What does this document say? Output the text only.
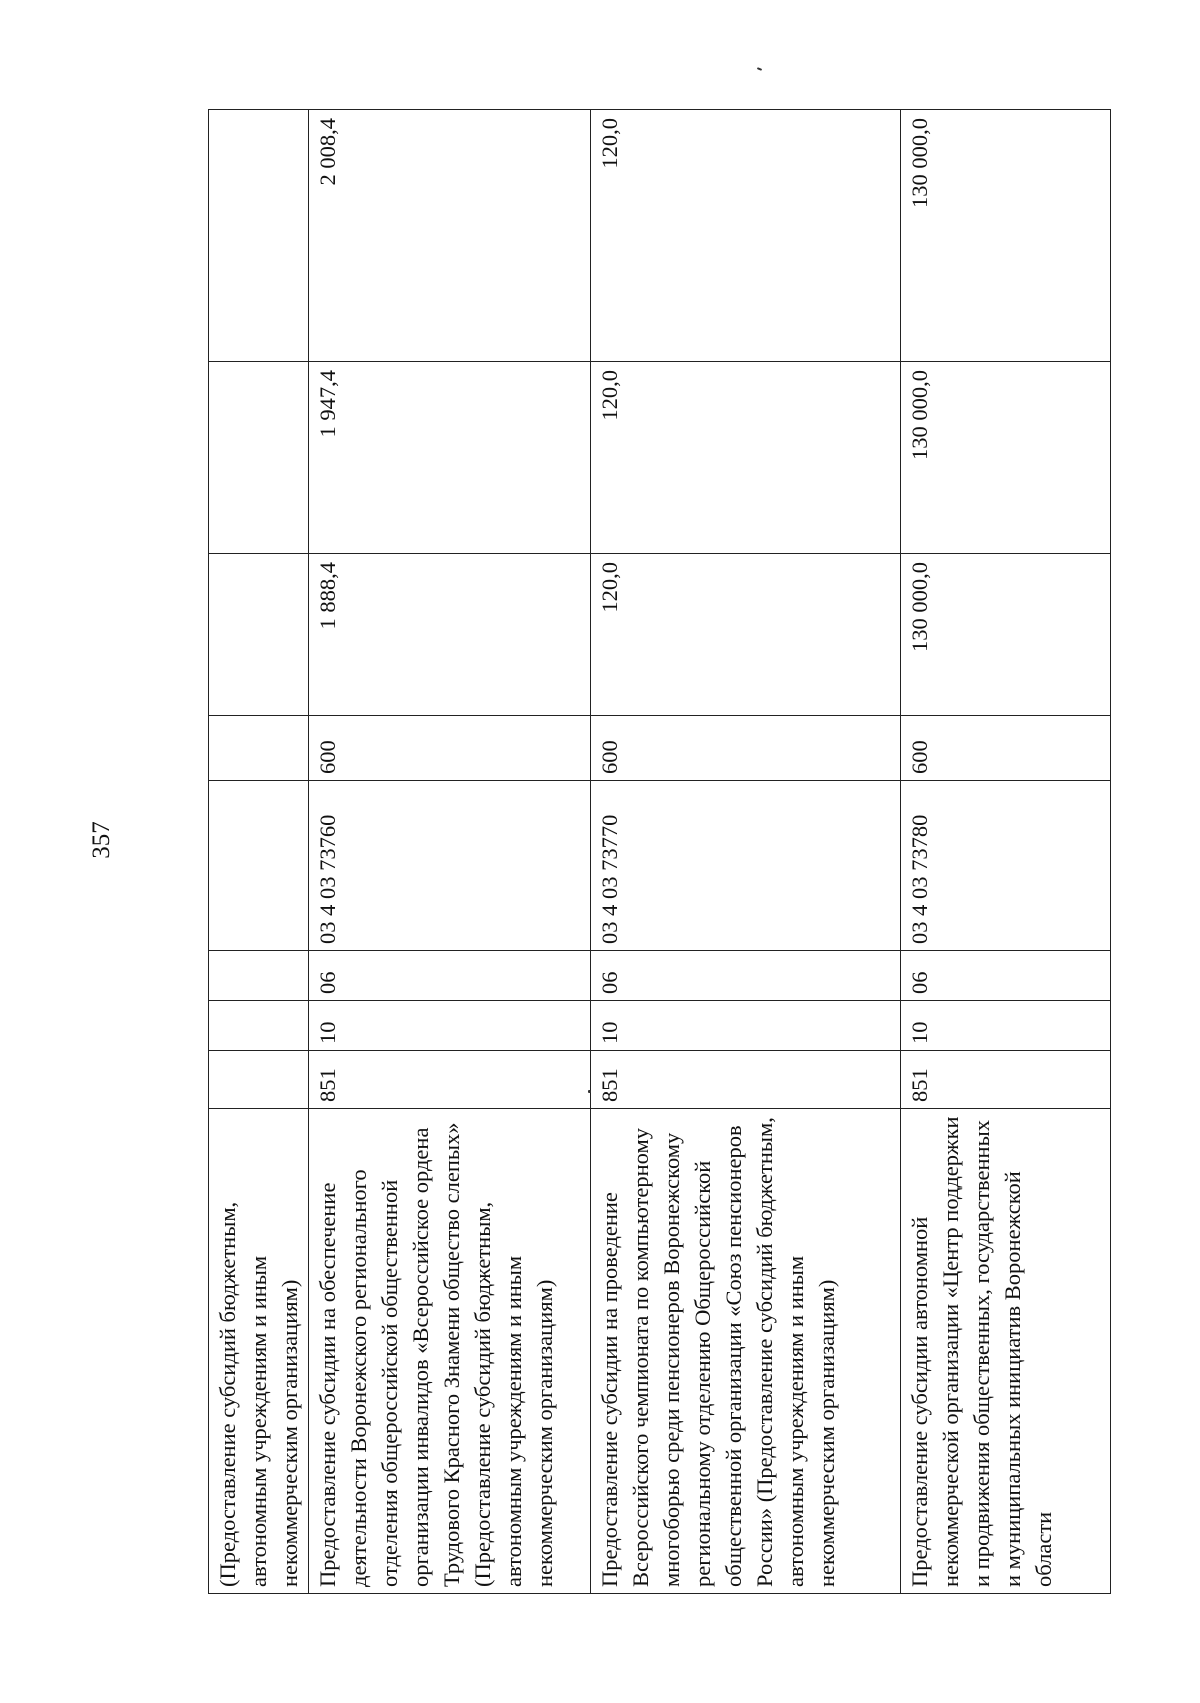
357
(Предоставление субсидий бюджетным, автономным учреждениям и иным некоммерческим организациям)								
Предоставление субсидии на обеспечение деятельности Воронежского регионального отделения общероссийской общественной организации инвалидов «Всероссийское ордена Трудового Красного Знамени общество слепых» (Предоставление субсидий бюджетным, автономным учреждениям и иным некоммерческим организациям)	851	10	06	03 4 03 73760	600	1 888,4	1 947,4	2 008,4
Предоставление субсидии на проведение Всероссийского чемпионата по компьютерному многоборью среди пенсионеров Воронежскому региональному отделению Общероссийской общественной организации «Союз пенсионеров России» (Предоставление субсидий бюджетным, автономным учреждениям и иным некоммерческим организациям)	851	10	06	03 4 03 73770	600	120,0	120,0	120,0
Предоставление субсидии автономной некоммерческой организации «Центр поддержки и продвижения общественных, государственных и муниципальных инициатив Воронежской области	851	10	06	03 4 03 73780	600	130 000,0	130 000,0	130 000,0
